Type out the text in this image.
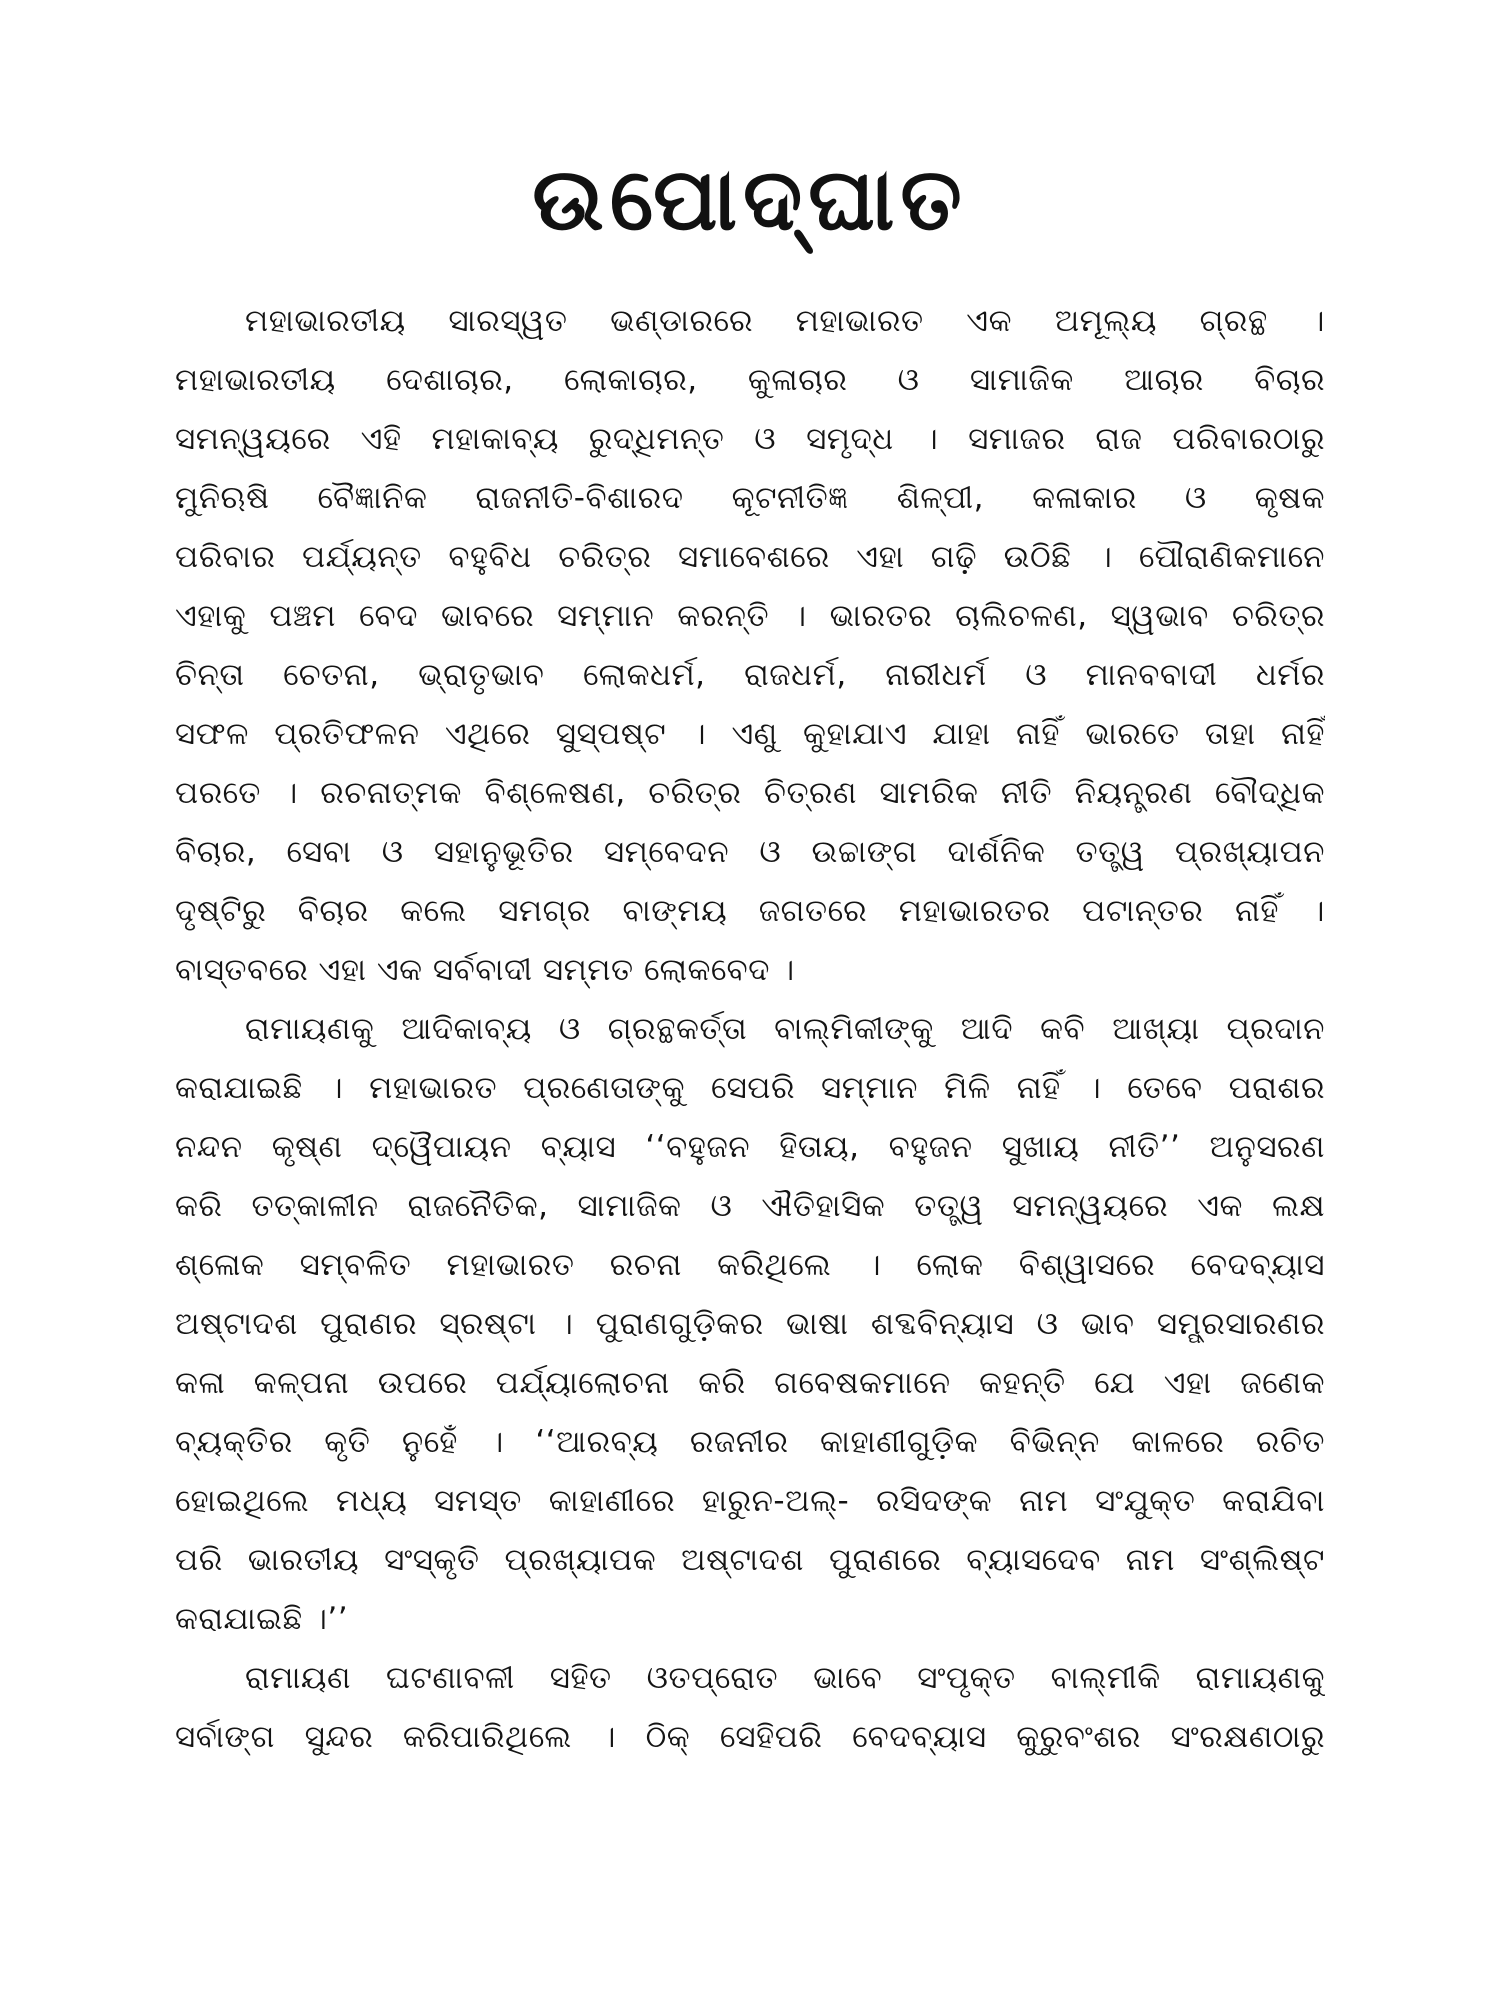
ଉପୋଦ୍‌ଘାତ
ମହାଭାରତୀୟ ସାରସ୍ୱତ ଭଣ୍ଡାରରେ ମହାଭାରତ ଏକ ଅମୂଲ୍ୟ ଗ୍ରନ୍ଥ ।
ମହାଭାରତୀୟ ଦେଶାଚାର, ଲୋକାଚାର, କୁଳାଚାର ଓ ସାମାଜିକ ଆଚାର ବିଚାର
ସମନ୍ୱୟରେ ଏହି ମହାକାବ୍ୟ ରୁଦ୍ଧିମନ୍ତ ଓ ସମୃଦ୍ଧ । ସମାଜର ରାଜ ପରିବାରଠାରୁ
ମୁନିଋଷି ବୈଜ୍ଞାନିକ ରାଜନୀତି-ବିଶାରଦ କୂଟନୀତିଜ୍ଞ ଶିଳ୍ପୀ, କଳାକାର ଓ କୃଷକ
ପରିବାର ପର୍ଯ୍ୟନ୍ତ ବହୁବିଧ ଚରିତ୍ର ସମାବେଶରେ ଏହା ଗଢ଼ି ଉଠିଛି । ପୌରାଣିକମାନେ
ଏହାକୁ ପଞ୍ଚମ ବେଦ ଭାବରେ ସମ୍ମାନ କରନ୍ତି । ଭାରତର ଚାଲିଚଳଣ, ସ୍ୱଭାବ ଚରିତ୍ର
ଚିନ୍ତା ଚେତନା, ଭ୍ରାତୃଭାବ ଲୋକଧର୍ମ, ରାଜଧର୍ମ, ନାରୀଧର୍ମ ଓ ମାନବବାଦୀ ଧର୍ମର
ସଫଳ ପ୍ରତିଫଳନ ଏଥିରେ ସୁସ୍ପଷ୍ଟ । ଏଣୁ କୁହାଯାଏ ଯାହା ନାହିଁ ଭାରତେ ତାହା ନାହିଁ
ପରତେ । ରଚନାତ୍ମକ ବିଶ୍ଳେଷଣ, ଚରିତ୍ର ଚିତ୍ରଣ ସାମରିକ ନୀତି ନିୟନ୍ତ୍ରଣ ବୌଦ୍ଧିକ
ବିଚାର, ସେବା ଓ ସହାନୁଭୂତିର ସମ୍ବେଦନ ଓ ଉଚ୍ଚାଙ୍ଗ ଦାର୍ଶନିକ ତତ୍ତ୍ୱ ପ୍ରଖ୍ୟାପନ
ଦୃଷ୍ଟିରୁ ବିଚାର କଲେ ସମଗ୍ର ବାଙ୍ମୟ ଜଗତରେ ମହାଭାରତର ପଟାନ୍ତର ନାହିଁ ।
ବାସ୍ତବରେ ଏହା ଏକ ସର୍ବବାଦୀ ସମ୍ମତ ଲୋକବେଦ ।
ରାମାୟଣକୁ ଆଦିକାବ୍ୟ ଓ ଗ୍ରନ୍ଥକର୍ତ୍ତା ବାଲ୍ମିକୀଙ୍କୁ ଆଦି କବି ଆଖ୍ୟା ପ୍ରଦାନ
କରାଯାଇଛି । ମହାଭାରତ ପ୍ରଣେତାଙ୍କୁ ସେପରି ସମ୍ମାନ ମିଳି ନାହିଁ । ତେବେ ପରାଶର
ନନ୍ଦନ କୃଷ୍ଣ ଦ୍ୱୈପାୟନ ବ୍ୟାସ ‘‘ବହୁଜନ ହିତାୟ, ବହୁଜନ ସୁଖାୟ ନୀତି’’ ଅନୁସରଣ
କରି ତତ୍କାଳୀନ ରାଜନୈତିକ, ସାମାଜିକ ଓ ଐତିହାସିକ ତତ୍ତ୍ୱ ସମନ୍ୱୟରେ ଏକ ଲକ୍ଷ
ଶ୍ଳୋକ ସମ୍ବଳିତ ମହାଭାରତ ରଚନା କରିଥିଲେ । ଲୋକ ବିଶ୍ୱାସରେ ବେଦବ୍ୟାସ
ଅଷ୍ଟାଦଶ ପୁରାଣର ସ୍ରଷ୍ଟା । ପୁରାଣଗୁଡ଼ିକର ଭାଷା ଶବ୍ଦବିନ୍ୟାସ ଓ ଭାବ ସମ୍ପ୍ରସାରଣର
କଳା କଳ୍ପନା ଉପରେ ପର୍ଯ୍ୟାଲୋଚନା କରି ଗବେଷକମାନେ କହନ୍ତି ଯେ ଏହା ଜଣେକ
ବ୍ୟକ୍ତିର କୃତି ନୁହେଁ । ‘‘ଆରବ୍ୟ ରଜନୀର କାହାଣୀଗୁଡ଼ିକ ବିଭିନ୍ନ କାଳରେ ରଚିତ
ହୋଇଥିଲେ ମଧ୍ୟ ସମସ୍ତ କାହାଣୀରେ ହାରୁନ-ଅଲ୍- ରସିଦଙ୍କ ନାମ ସଂଯୁକ୍ତ କରାଯିବା
ପରି ଭାରତୀୟ ସଂସ୍କୃତି ପ୍ରଖ୍ୟାପକ ଅଷ୍ଟାଦଶ ପୁରାଣରେ ବ୍ୟାସଦେବ ନାମ ସଂଶ୍ଲିଷ୍ଟ
କରାଯାଇଛି ।’’
ରାମାୟଣ ଘଟଣାବଳୀ ସହିତ ଓତପ୍ରୋତ ଭାବେ ସଂପୃକ୍ତ ବାଲ୍ମୀକି ରାମାୟଣକୁ
ସର୍ବାଙ୍ଗ ସୁନ୍ଦର କରିପାରିଥିଲେ । ଠିକ୍ ସେହିପରି ବେଦବ୍ୟାସ କୁରୁବଂଶର ସଂରକ୍ଷଣଠାରୁ
